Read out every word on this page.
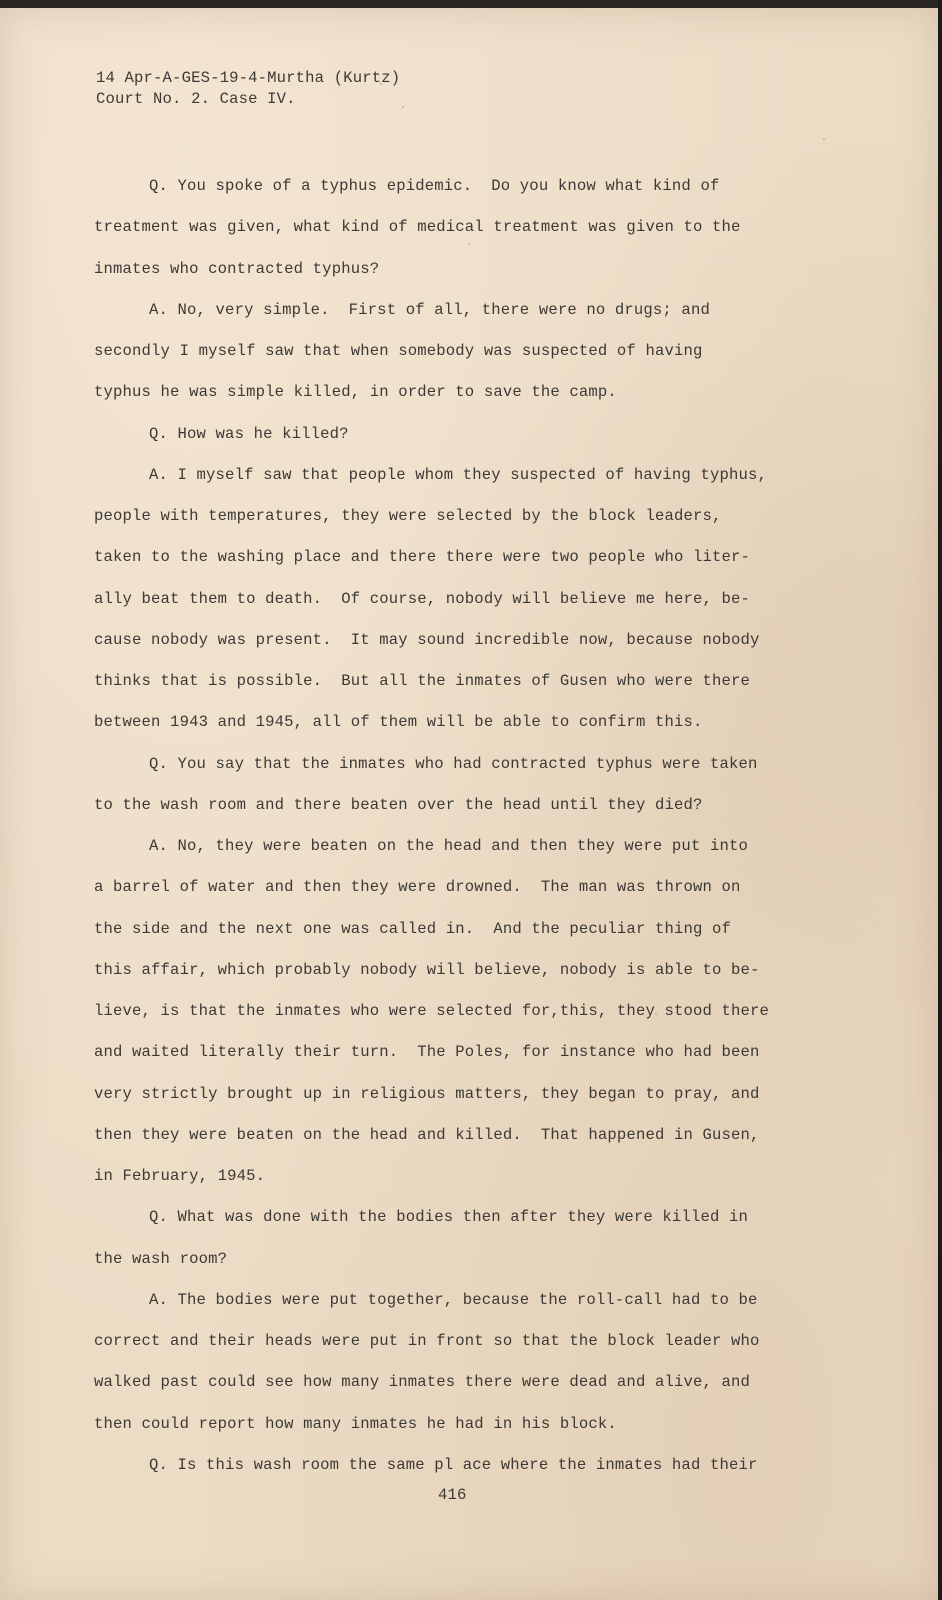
14 Apr-A-GES-19-4-Murtha (Kurtz)
Court No. 2. Case IV.
Q. You spoke of a typhus epidemic.  Do you know what kind of
treatment was given, what kind of medical treatment was given to the
inmates who contracted typhus?
A. No, very simple.  First of all, there were no drugs; and
secondly I myself saw that when somebody was suspected of having
typhus he was simple killed, in order to save the camp.
Q. How was he killed?
A. I myself saw that people whom they suspected of having typhus,
people with temperatures, they were selected by the block leaders,
taken to the washing place and there there were two people who liter-
ally beat them to death.  Of course, nobody will believe me here, be-
cause nobody was present.  It may sound incredible now, because nobody
thinks that is possible.  But all the inmates of Gusen who were there
between 1943 and 1945, all of them will be able to confirm this.
Q. You say that the inmates who had contracted typhus were taken
to the wash room and there beaten over the head until they died?
A. No, they were beaten on the head and then they were put into
a barrel of water and then they were drowned.  The man was thrown on
the side and the next one was called in.  And the peculiar thing of
this affair, which probably nobody will believe, nobody is able to be-
lieve, is that the inmates who were selected for,this, they stood there
and waited literally their turn.  The Poles, for instance who had been
very strictly brought up in religious matters, they began to pray, and
then they were beaten on the head and killed.  That happened in Gusen,
in February, 1945.
Q. What was done with the bodies then after they were killed in
the wash room?
A. The bodies were put together, because the roll-call had to be
correct and their heads were put in front so that the block leader who
walked past could see how many inmates there were dead and alive, and
then could report how many inmates he had in his block.
Q. Is this wash room the same pl ace where the inmates had their
416
